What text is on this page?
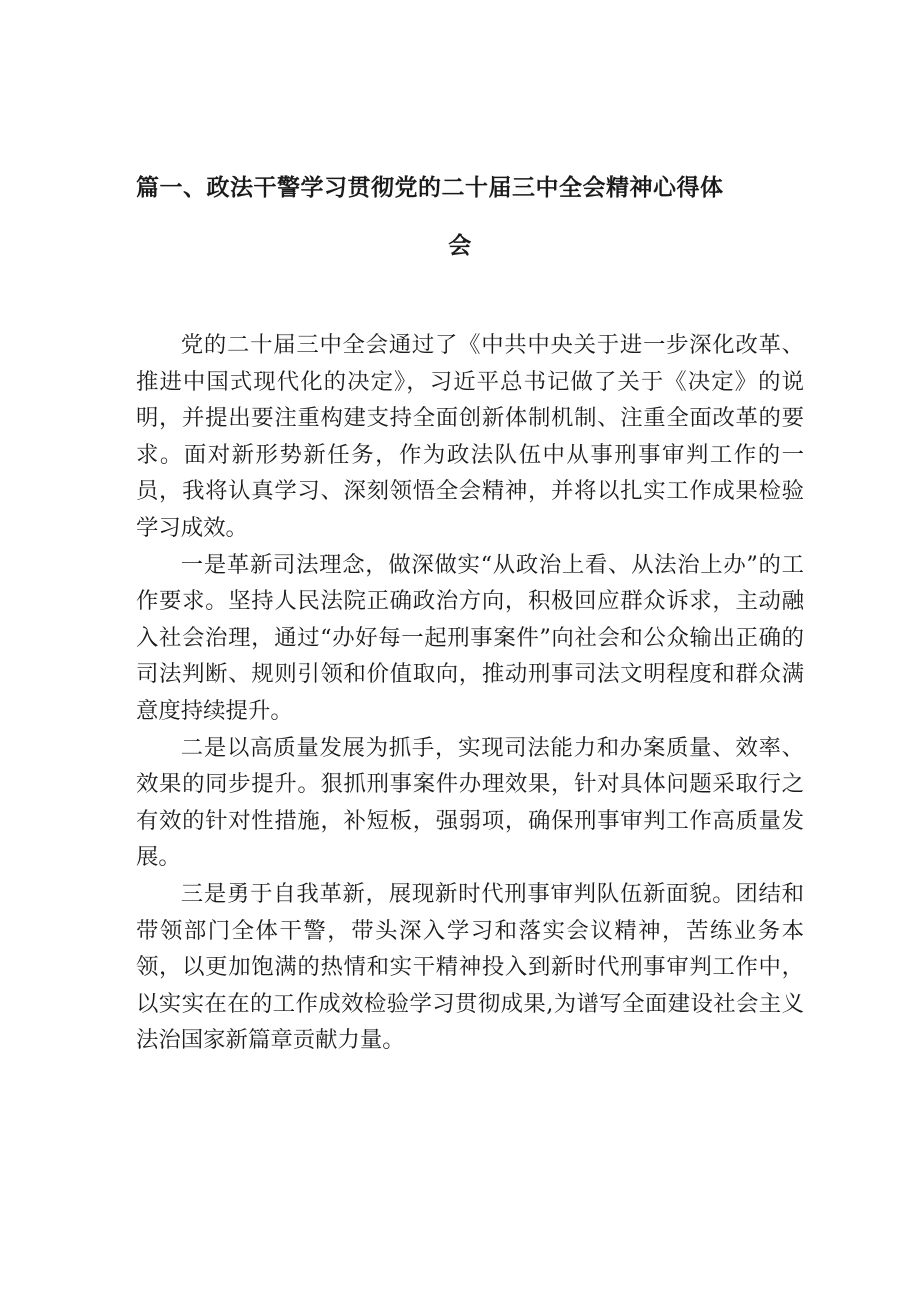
篇一、政法干警学习贯彻党的二十届三中全会精神心得体
会

党的二十届三中全会通过了《中共中央关于进一步深化改革、推进中国式现代化的决定》，习近平总书记做了关于《决定》的说明，并提出要注重构建支持全面创新体制机制、注重全面改革的要求。面对新形势新任务，作为政法队伍中从事刑事审判工作的一员，我将认真学习、深刻领悟全会精神，并将以扎实工作成果检验学习成效。

一是革新司法理念，做深做实“从政治上看、从法治上办”的工作要求。坚持人民法院正确政治方向，积极回应群众诉求，主动融入社会治理，通过“办好每一起刑事案件”向社会和公众输出正确的司法判断、规则引领和价值取向，推动刑事司法文明程度和群众满意度持续提升。

二是以高质量发展为抓手，实现司法能力和办案质量、效率、效果的同步提升。狠抓刑事案件办理效果，针对具体问题采取行之有效的针对性措施，补短板，强弱项，确保刑事审判工作高质量发展。

三是勇于自我革新，展现新时代刑事审判队伍新面貌。团结和带领部门全体干警，带头深入学习和落实会议精神，苦练业务本领，以更加饱满的热情和实干精神投入到新时代刑事审判工作中，以实实在在的工作成效检验学习贯彻成果,为谱写全面建设社会主义法治国家新篇章贡献力量。
